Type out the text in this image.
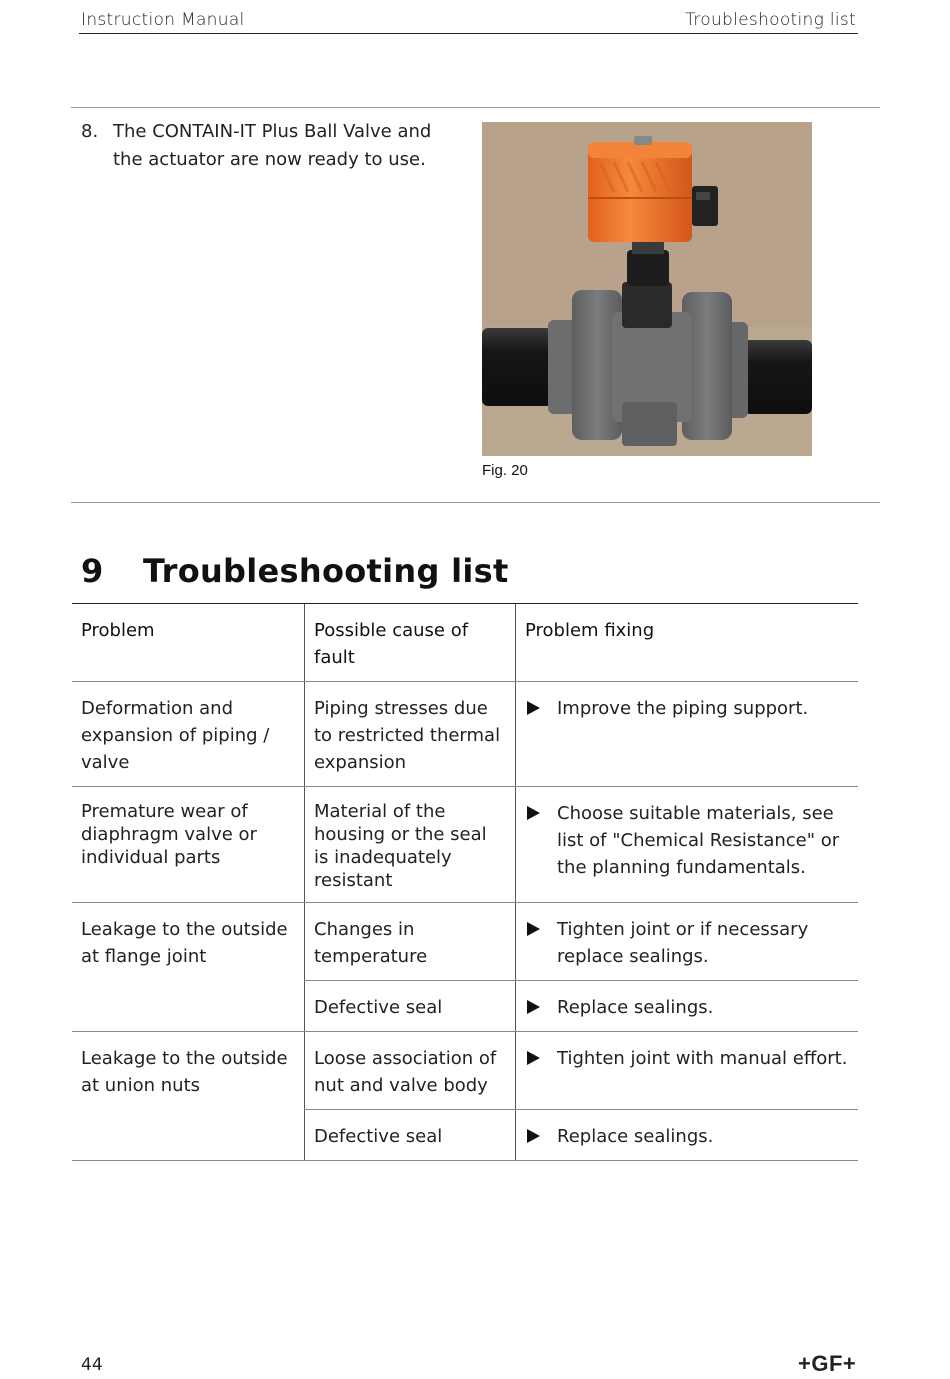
Instruction Manual	Troubleshooting list
8. The CONTAIN-IT Plus Ball Valve and the actuator are now ready to use.
Fig. 20
9 Troubleshooting list
Problem	Possible cause of fault	Problem fixing
Deformation and expansion of piping / valve	Piping stresses due to restricted thermal expansion	Improve the piping support.

Premature wear of diaphragm valve or individual parts	Material of the housing or the seal is inadequately resistant	Choose suitable materials, see list of "Chemical Resistance" or the planning fundamentals.

Leakage to the outside at flange joint	Changes in temperature	Tighten joint or if necessary replace sealings.

	Defective seal	Replace sealings.

Leakage to the outside at union nuts	Loose association of nut and valve body	Tighten joint with manual effort.

	Defective seal	Replace sealings.
44	+GF+
